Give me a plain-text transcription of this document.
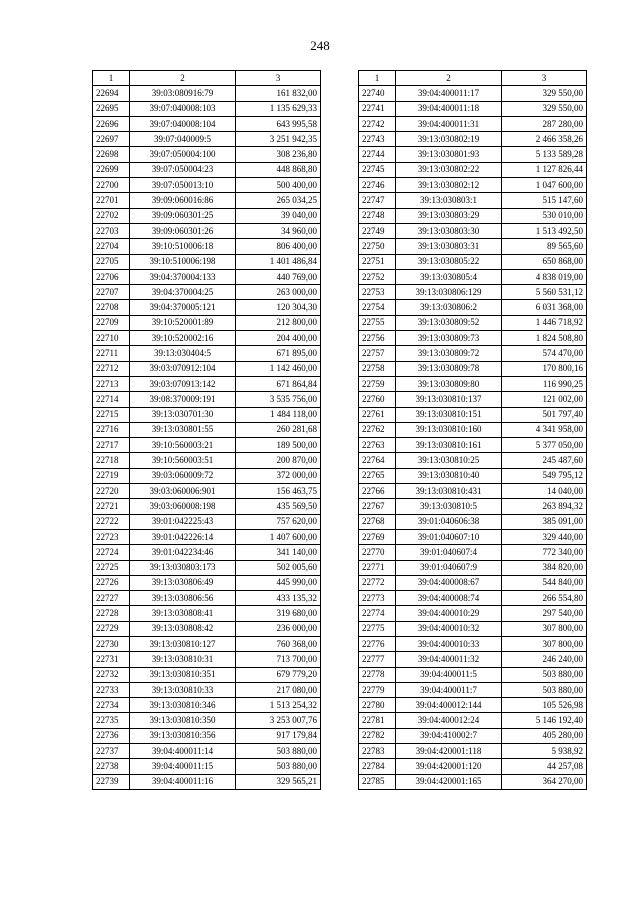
248
1	2	3
22694	39:03:080916:79	161 832,00
22695	39:07:040008:103	1 135 629,33
22696	39:07:040008:104	643 995,58
22697	39:07:040009:5	3 251 942,35
22698	39:07:050004:100	308 236,80
22699	39:07:050004:23	448 868,80
22700	39:07:050013:10	500 400,00
22701	39:09:060016:86	265 034,25
22702	39:09:060301:25	39 040,00
22703	39:09:060301:26	34 960,00
22704	39:10:510006:18	806 400,00
22705	39:10:510006:198	1 401 486,84
22706	39:04:370004:133	440 769,00
22707	39:04:370004:25	263 000,00
22708	39:04:370005:121	120 304,30
22709	39:10:520001:89	212 800,00
22710	39:10:520002:16	204 400,00
22711	39:13:030404:5	671 895,00
22712	39:03:070912:104	1 142 460,00
22713	39:03:070913:142	671 864,84
22714	39:08:370009:191	3 535 756,00
22715	39:13:030701:30	1 484 118,00
22716	39:13:030801:55	260 281,68
22717	39:10:560003:21	189 500,00
22718	39:10:560003:51	200 870,00
22719	39:03:060009:72	372 000,00
22720	39:03:060006:901	156 463,75
22721	39:03:060008:198	435 569,50
22722	39:01:042225:43	757 620,00
22723	39:01:042226:14	1 407 600,00
22724	39:01:042234:46	341 140,00
22725	39:13:030803:173	502 005,60
22726	39:13:030806:49	445 990,00
22727	39:13:030806:56	433 135,32
22728	39:13:030808:41	319 680,00
22729	39:13:030808:42	236 000,00
22730	39:13:030810:127	760 368,00
22731	39:13:030810:31	713 700,00
22732	39:13:030810:351	679 779,20
22733	39:13:030810:33	217 080,00
22734	39:13:030810:346	1 513 254,32
22735	39:13:030810:350	3 253 007,76
22736	39:13:030810:356	917 179,84
22737	39:04:400011:14	503 880,00
22738	39:04:400011:15	503 880,00
22739	39:04:400011:16	329 565,21
1	2	3
22740	39:04:400011:17	329 550,00
22741	39:04:400011:18	329 550,00
22742	39:04:400011:31	287 280,00
22743	39:13:030802:19	2 466 358,26
22744	39:13:030801:93	5 133 589,28
22745	39:13:030802:22	1 127 826,44
22746	39:13:030802:12	1 047 600,00
22747	39:13:030803:1	515 147,60
22748	39:13:030803:29	530 010,00
22749	39:13:030803:30	1 513 492,50
22750	39:13:030803:31	89 565,60
22751	39:13:030805:22	650 868,00
22752	39:13:030805:4	4 838 019,00
22753	39:13:030806:129	5 560 531,12
22754	39:13:030806:2	6 031 368,00
22755	39:13:030809:52	1 446 718,92
22756	39:13:030809:73	1 824 508,80
22757	39:13:030809:72	574 470,00
22758	39:13:030809:78	170 800,16
22759	39:13:030809:80	116 990,25
22760	39:13:030810:137	121 002,00
22761	39:13:030810:151	501 797,40
22762	39:13:030810:160	4 341 958,00
22763	39:13:030810:161	5 377 050,00
22764	39:13:030810:25	245 487,60
22765	39:13:030810:40	549 795,12
22766	39:13:030810:431	14 040,00
22767	39:13:030810:5	263 894,32
22768	39:01:040606:38	385 091,00
22769	39:01:040607:10	329 440,00
22770	39:01:040607:4	772 340,00
22771	39:01:040607:9	384 820,00
22772	39:04:400008:67	544 840,00
22773	39:04:400008:74	266 554,80
22774	39:04:400010:29	297 540,00
22775	39:04:400010:32	307 800,00
22776	39:04:400010:33	307 800,00
22777	39:04:400011:32	246 240,00
22778	39:04:400011:5	503 880,00
22779	39:04:400011:7	503 880,00
22780	39:04:400012:144	105 526,98
22781	39:04:400012:24	5 146 192,40
22782	39:04:410002:7	405 280,00
22783	39:04:420001:118	5 938,92
22784	39:04:420001:120	44 257,08
22785	39:04:420001:165	364 270,00
